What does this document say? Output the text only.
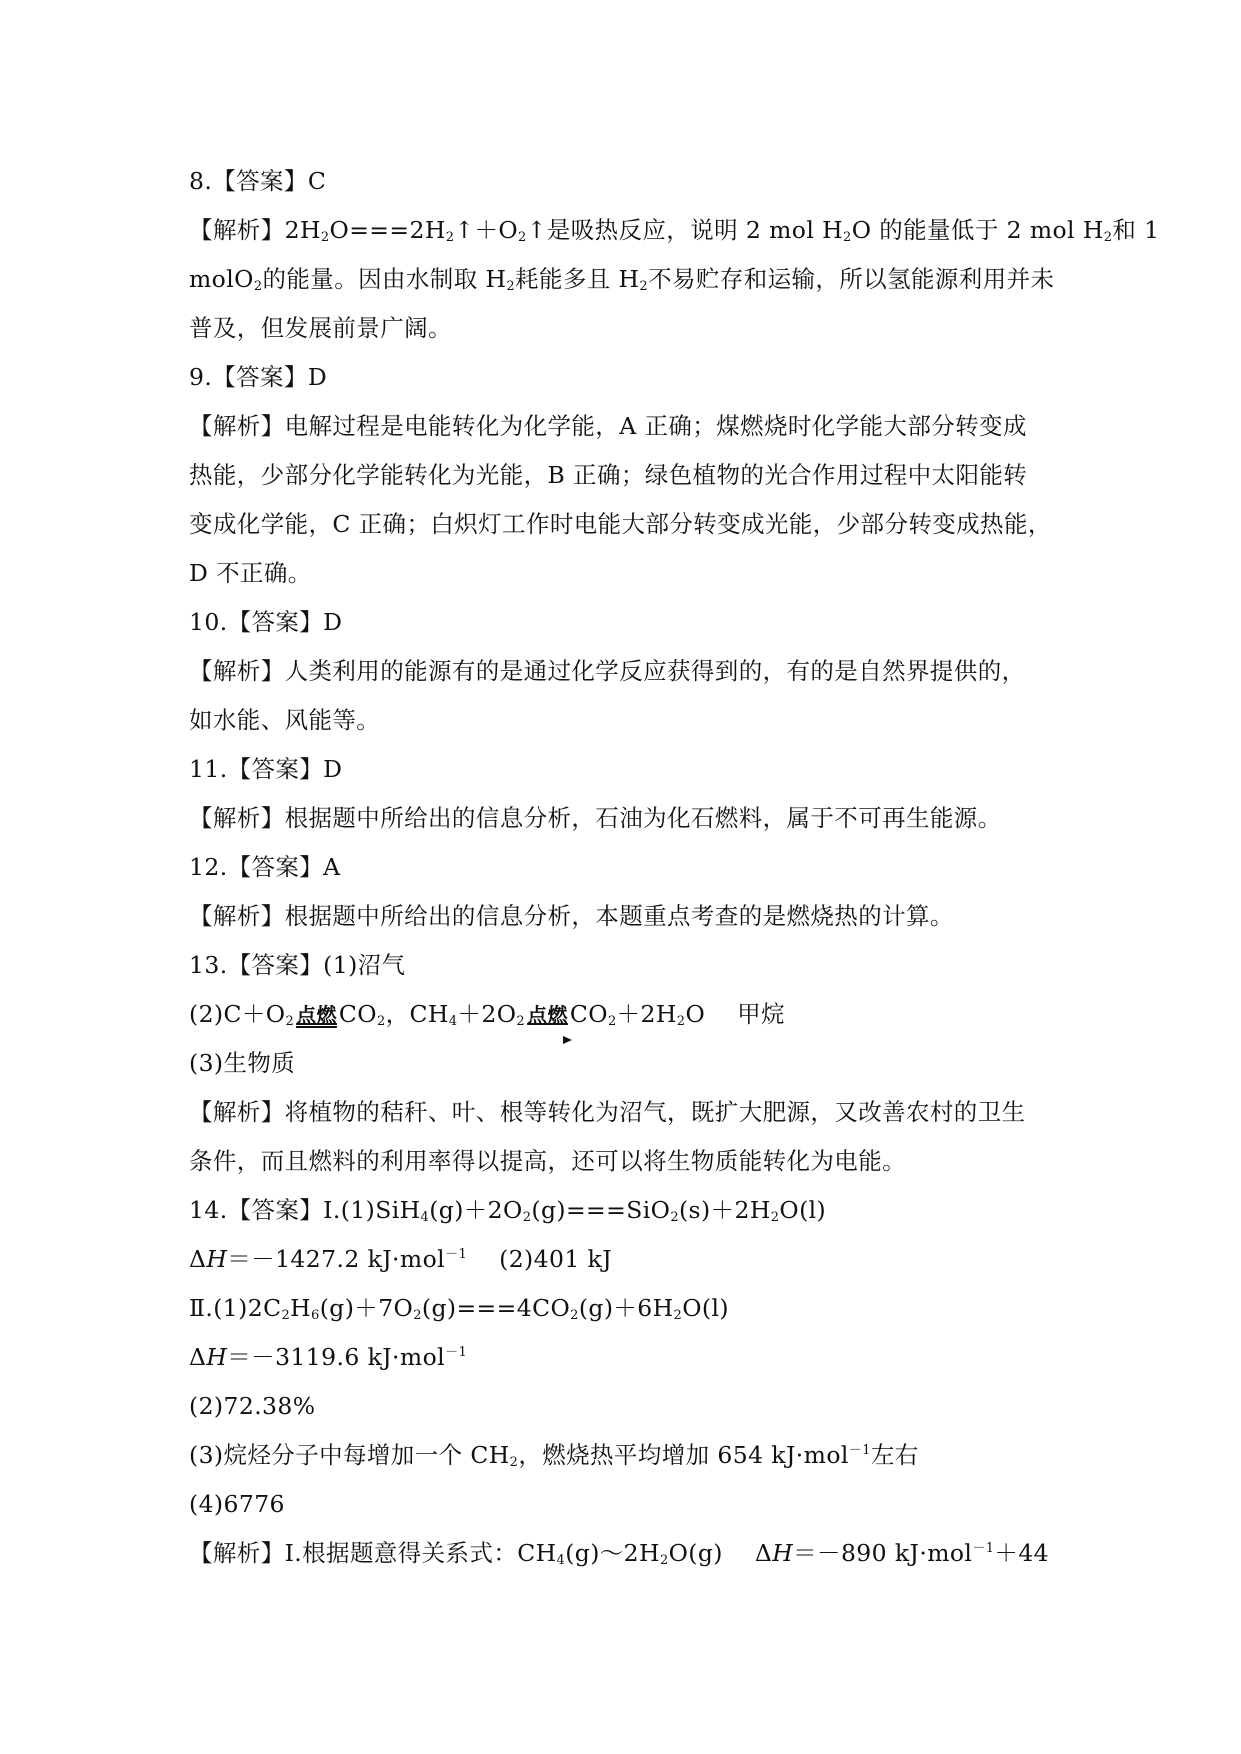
8.【答案】C
【解析】$2H_2O===2H_2↑+O_2↑$是吸热反应，说明 2 mol $H_2O$ 的能量低于 2 mol $H_2$和 1
molO$_2$的能量。因由水制取 $H_2$耗能多且 $H_2$不易贮存和运输，所以氢能源利用并未
普及，但发展前景广阔。
9.【答案】D
【解析】电解过程是电能转化为化学能，A 正确；煤燃烧时化学能大部分转变成
热能，少部分化学能转化为光能，B 正确；绿色植物的光合作用过程中太阳能转
变成化学能，C 正确；白炽灯工作时电能大部分转变成光能，少部分转变成热能，
D 不正确。
10.【答案】D
【解析】人类利用的能源有的是通过化学反应获得到的，有的是自然界提供的，
如水能、风能等。
11.【答案】D
【解析】根据题中所给出的信息分析，石油为化石燃料，属于不可再生能源。
12.【答案】A
【解析】根据题中所给出的信息分析，本题重点考查的是燃烧热的计算。
13.【答案】(1)沼气
$(2)C+O_2$ 点燃$CO_2$，$CH_4+2O_2$ 点燃$CO_2+2H_2O$ 甲烷
(3)生物质
【解析】将植物的秸秆、叶、根等转化为沼气，既扩大肥源，又改善农村的卫生
条件，而且燃料的利用率得以提高，还可以将生物质能转化为电能。
14.【答案】$Ⅰ.(1)SiH_4(g)+2O_2(g)===SiO_2(s)+2H_2O(l)$
ΔH＝－1427.2 kJ·mol$^{-1}$ (2)401 kJ
$Ⅱ.(1)2C_2H_6(g)+7O_2(g)===4CO_2(g)+6H_2O(l)$
ΔH＝－3119.6 kJ·mol$^{-1}$
(2)72.38%
(3)烷烃分子中每增加一个 $CH_2$，燃烧热平均增加 654 kJ·mol$^{-1}$左右
(4)6776
【解析】Ⅰ.根据题意得关系式：$CH_4(g)\sim 2H_2O(g)$ ΔH＝－890 kJ·mol$^{-1}$＋44
